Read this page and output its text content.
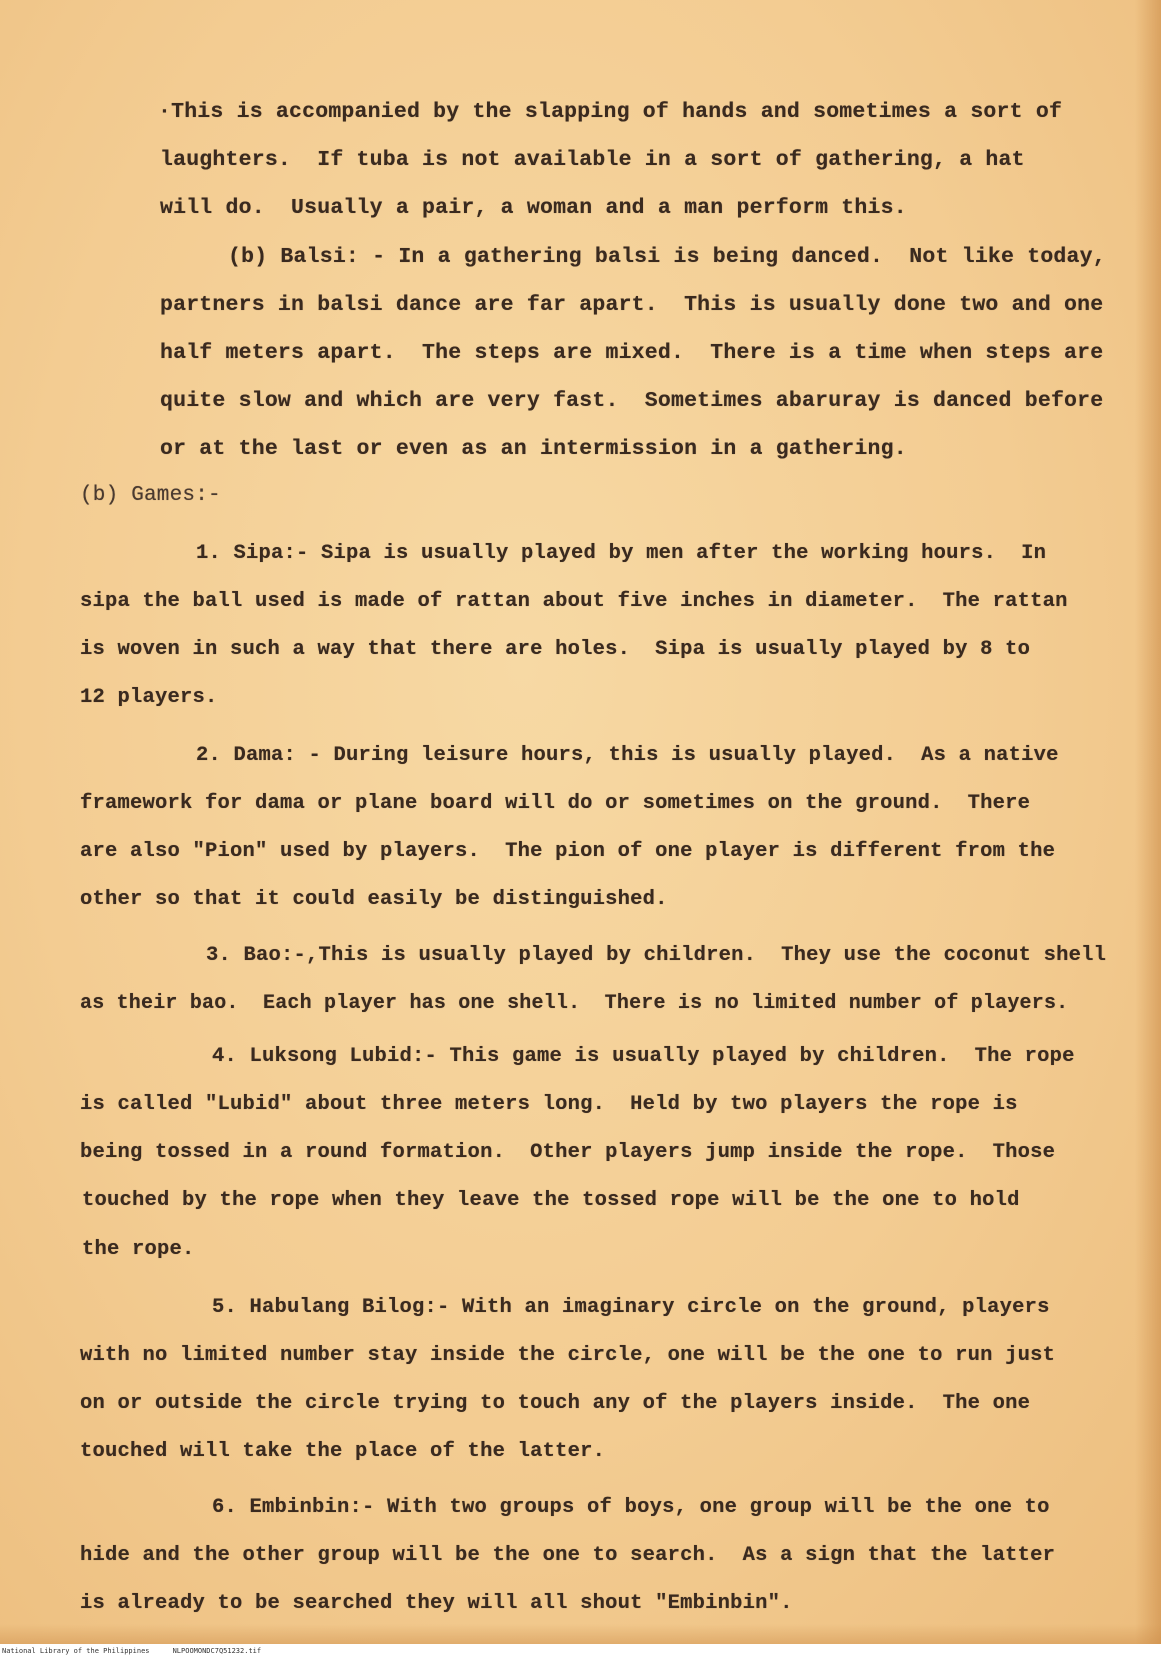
·This is accompanied by the slapping of hands and sometimes a sort of
laughters.  If tuba is not available in a sort of gathering, a hat
will do.  Usually a pair, a woman and a man perform this.
(b) Balsi: - In a gathering balsi is being danced.  Not like today,
partners in balsi dance are far apart.  This is usually done two and one
half meters apart.  The steps are mixed.  There is a time when steps are
quite slow and which are very fast.  Sometimes abaruray is danced before
or at the last or even as an intermission in a gathering.
(b) Games:-
1. Sipa:- Sipa is usually played by men after the working hours.  In
sipa the ball used is made of rattan about five inches in diameter.  The rattan
is woven in such a way that there are holes.  Sipa is usually played by 8 to
12 players.
2. Dama: - During leisure hours, this is usually played.  As a native
framework for dama or plane board will do or sometimes on the ground.  There
are also "Pion" used by players.  The pion of one player is different from the
other so that it could easily be distinguished.
3. Bao:-,This is usually played by children.  They use the coconut shell
as their bao.  Each player has one shell.  There is no limited number of players.
4. Luksong Lubid:- This game is usually played by children.  The rope
is called "Lubid" about three meters long.  Held by two players the rope is
being tossed in a round formation.  Other players jump inside the rope.  Those
touched by the rope when they leave the tossed rope will be the one to hold
the rope.
5. Habulang Bilog:- With an imaginary circle on the ground, players
with no limited number stay inside the circle, one will be the one to run just
on or outside the circle trying to touch any of the players inside.  The one
touched will take the place of the latter.
6. Embinbin:- With two groups of boys, one group will be the one to
hide and the other group will be the one to search.  As a sign that the latter
is already to be searched they will all shout "Embinbin".
National Library of the Philippines	NLPOOMONDC7Q51232.tif
